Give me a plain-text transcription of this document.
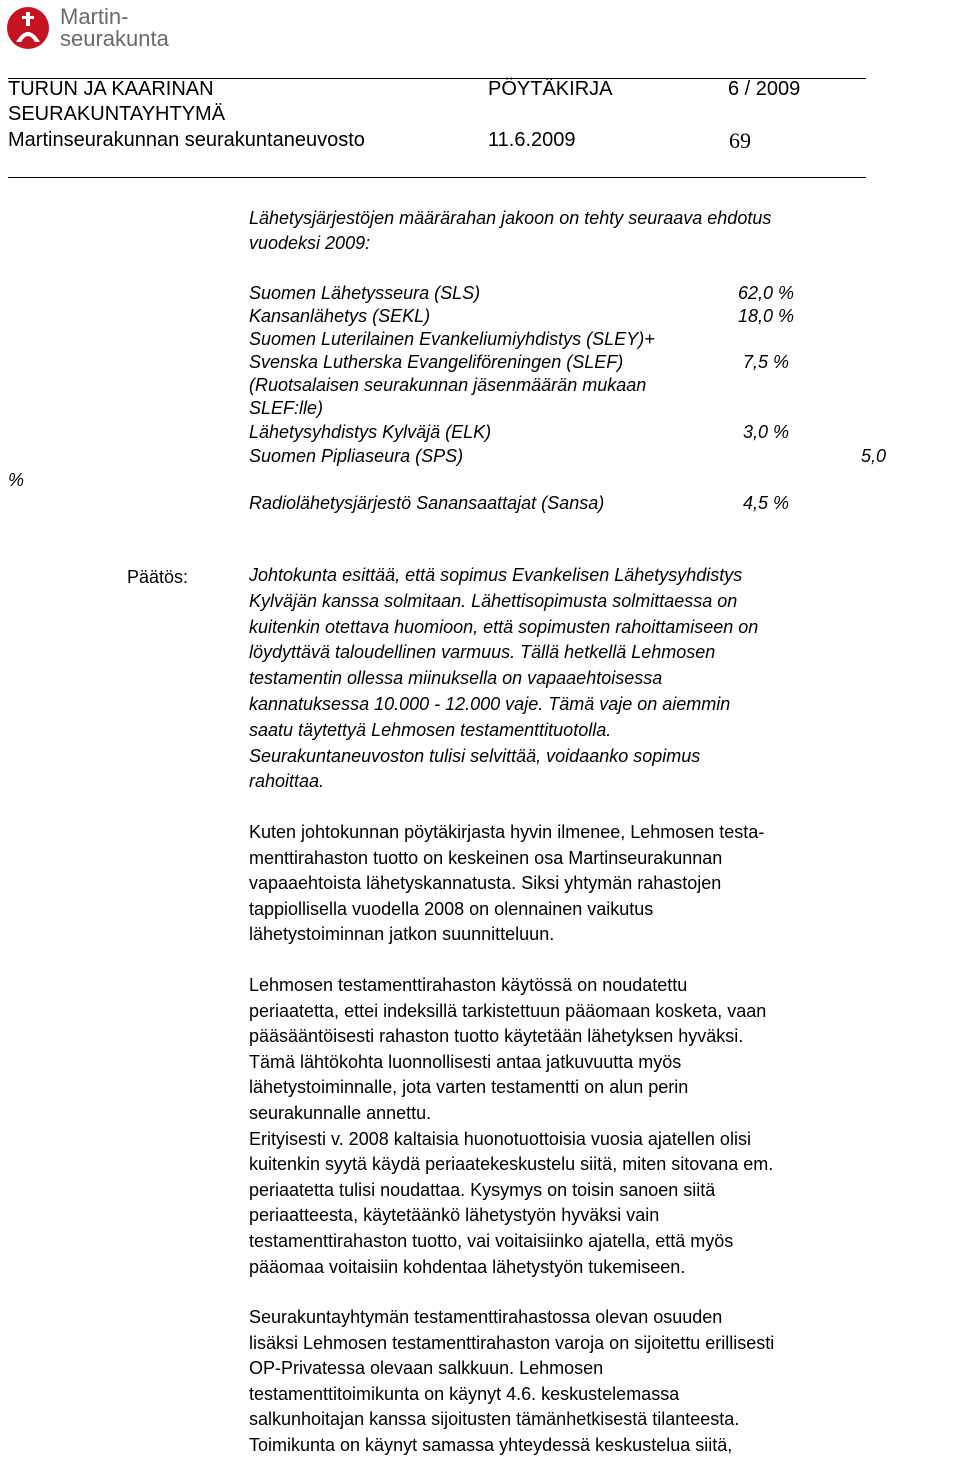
Martin-
seurakunta
TURUN JA KAARINAN	PÖYTÄKIRJA	6 / 2009
SEURAKUNTAYHTYMÄ
Martinseurakunnan seurakuntaneuvosto	11.6.2009	69
Lähetysjärjestöjen määrärahan jakoon on tehty seuraava ehdotus
vuodeksi 2009:
Suomen Lähetysseura (SLS)	62,0 %
Kansanlähetys (SEKL)	18,0 %
Suomen Luterilainen Evankeliumiyhdistys (SLEY)+
Svenska Lutherska Evangeliföreningen (SLEF)	7,5 %
(Ruotsalaisen seurakunnan jäsenmäärän mukaan
SLEF:lle)
Lähetysyhdistys Kylväjä (ELK)	3,0 %
Suomen Pipliaseura (SPS)	5,0
%
Radiolähetysjärjestö Sanansaattajat (Sansa)	4,5 %
Päätös:	Johtokunta esittää, että sopimus Evankelisen Lähetysyhdistys
Kylväjän kanssa solmitaan. Lähettisopimusta solmittaessa on
kuitenkin otettava huomioon, että sopimusten rahoittamiseen on
löydyttävä taloudellinen varmuus. Tällä hetkellä Lehmosen
testamentin ollessa miinuksella on vapaaehtoisessa
kannatuksessa 10.000 - 12.000 vaje. Tämä vaje on aiemmin
saatu täytettyä Lehmosen testamenttituotolla.
Seurakuntaneuvoston tulisi selvittää, voidaanko sopimus
rahoittaa.
Kuten johtokunnan pöytäkirjasta hyvin ilmenee, Lehmosen testa-
menttirahaston tuotto on keskeinen osa Martinseurakunnan
vapaaehtoista lähetyskannatusta. Siksi yhtymän rahastojen
tappiollisella vuodella 2008 on olennainen vaikutus
lähetystoiminnan jatkon suunnitteluun.
Lehmosen testamenttirahaston käytössä on noudatettu
periaatetta, ettei indeksillä tarkistettuun pääomaan kosketa, vaan
pääsääntöisesti rahaston tuotto käytetään lähetyksen hyväksi.
Tämä lähtökohta luonnollisesti antaa jatkuvuutta myös
lähetystoiminnalle, jota varten testamentti on alun perin
seurakunnalle annettu.
Erityisesti v. 2008 kaltaisia huonotuottoisia vuosia ajatellen olisi
kuitenkin syytä käydä periaatekeskustelu siitä, miten sitovana em.
periaatetta tulisi noudattaa. Kysymys on toisin sanoen siitä
periaatteesta, käytetäänkö lähetystyön hyväksi vain
testamenttirahaston tuotto, vai voitaisiinko ajatella, että myös
pääomaa voitaisiin kohdentaa lähetystyön tukemiseen.
Seurakuntayhtymän testamenttirahastossa olevan osuuden
lisäksi Lehmosen testamenttirahaston varoja on sijoitettu erillisesti
OP-Privatessa olevaan salkkuun. Lehmosen
testamenttitoimikunta on käynyt 4.6. keskustelemassa
salkunhoitajan kanssa sijoitusten tämänhetkisestä tilanteesta.
Toimikunta on käynyt samassa yhteydessä keskustelua siitä,
